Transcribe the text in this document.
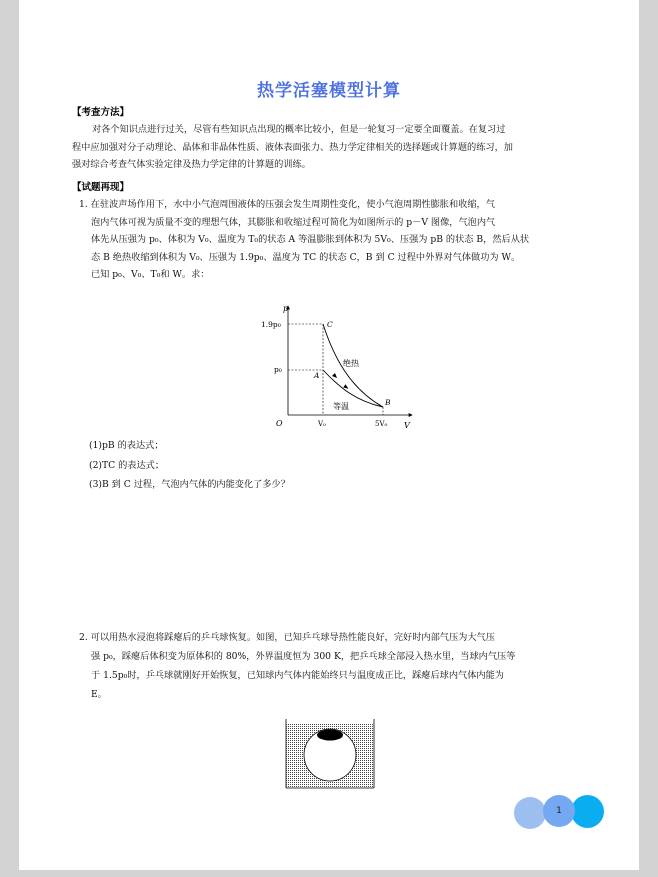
热学活塞模型计算
【考查方法】
对各个知识点进行过关，尽管有些知识点出现的概率比较小，但是一轮复习一定要全面覆盖。在复习过
程中应加强对分子动理论、晶体和非晶体性质、液体表面张力、热力学定律相关的选择题或计算题的练习，加
强对综合考查气体实验定律及热力学定律的计算题的训练。
【试题再现】
1. 在驻波声场作用下，水中小气泡周围液体的压强会发生周期性变化，使小气泡周期性膨胀和收缩，气
泡内气体可视为质量不变的理想气体，其膨胀和收缩过程可简化为如图所示的 p－V 图像，气泡内气
体先从压强为 p₀、体积为 V₀、温度为 T₀的状态 A 等温膨胀到体积为 5V₀、压强为 pB 的状态 B，然后从状
态 B 绝热收缩到体积为 V₀、压强为 1.9p₀、温度为 TC 的状态 C，B 到 C 过程中外界对气体做功为 W。
已知 p₀、V₀、T₀和 W。求：
p
V
O
1.9p₀
p₀
V₀	5V₀
A
B
C
绝热
等温
(1)pB 的表达式；
(2)TC 的表达式；
(3)B 到 C 过程，气泡内气体的内能变化了多少？
2. 可以用热水浸泡将踩瘪后的乒乓球恢复。如图，已知乒乓球导热性能良好，完好时内部气压为大气压
强 p₀，踩瘪后体积变为原体积的 80%，外界温度恒为 300 K，把乒乓球全部浸入热水里，当球内气压等
于 1.5p₀时，乒乓球就刚好开始恢复，已知球内气体内能始终只与温度成正比，踩瘪后球内气体内能为
E。
1
